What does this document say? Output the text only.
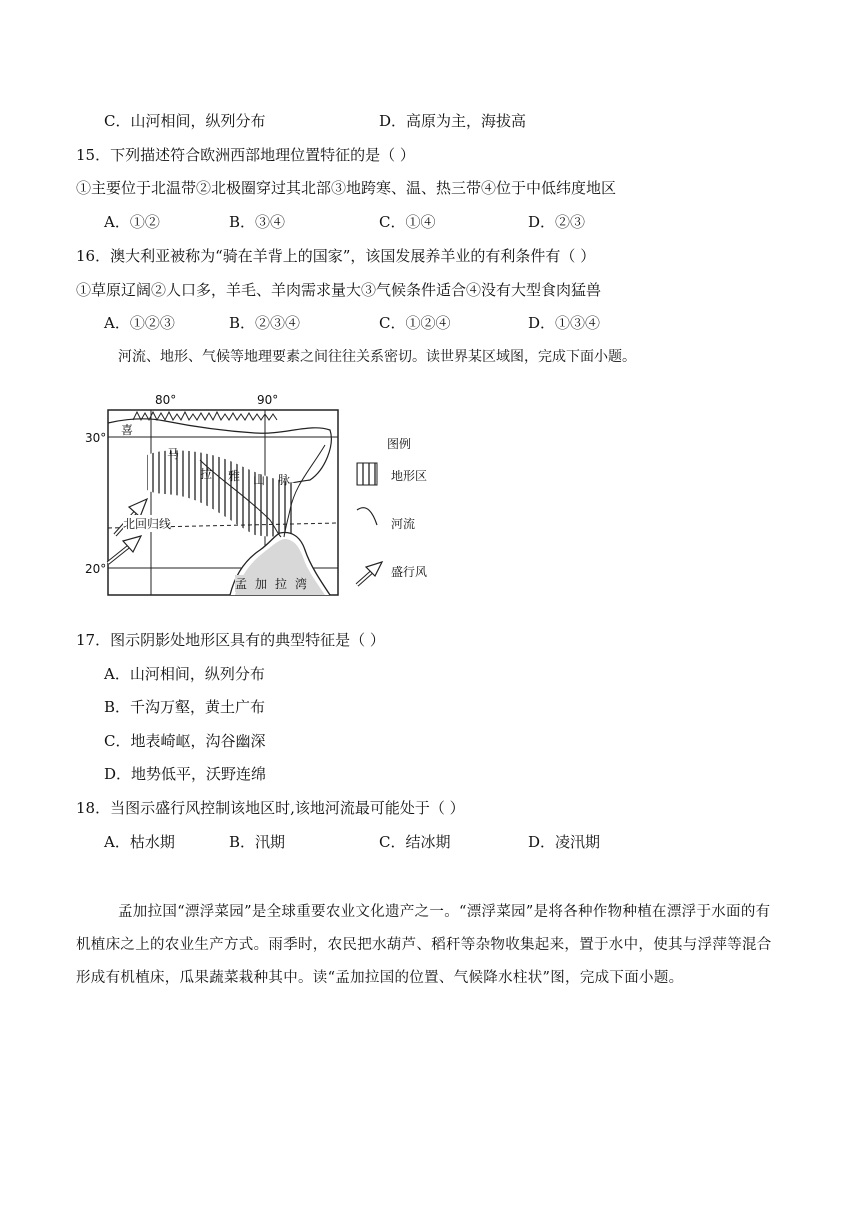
C．山河相间，纵列分布	D．高原为主，海拔高
15．下列描述符合欧洲西部地理位置特征的是（ ）
①主要位于北温带②北极圈穿过其北部③地跨寒、温、热三带④位于中低纬度地区
A．①②	B．③④	C．①④	D．②③
16．澳大利亚被称为“骑在羊背上的国家”，该国发展养羊业的有利条件有（ ）
①草原辽阔②人口多，羊毛、羊肉需求量大③气候条件适合④没有大型食肉猛兽
A．①②③	B．②③④	C．①②④	D．①③④
河流、地形、气候等地理要素之间往往关系密切。读世界某区域图，完成下面小题。
80°	90°
30°
20°
喜
马
拉 雅 山 脉
北回归线
孟 加 拉 湾
图例
地形区
河流
盛行风
17．图示阴影处地形区具有的典型特征是（ ）
A．山河相间，纵列分布
B．千沟万壑，黄土广布
C．地表崎岖，沟谷幽深
D．地势低平，沃野连绵
18．当图示盛行风控制该地区时,该地河流最可能处于（ ）
A．枯水期	B．汛期	C．结冰期	D．凌汛期
孟加拉国“漂浮菜园”是全球重要农业文化遗产之一。“漂浮菜园”是将各种作物种植在漂浮于水面的有机植床之上的农业生产方式。雨季时，农民把水葫芦、稻秆等杂物收集起来，置于水中，使其与浮萍等混合形成有机植床，瓜果蔬菜栽种其中。读“孟加拉国的位置、气候降水柱状”图，完成下面小题。
